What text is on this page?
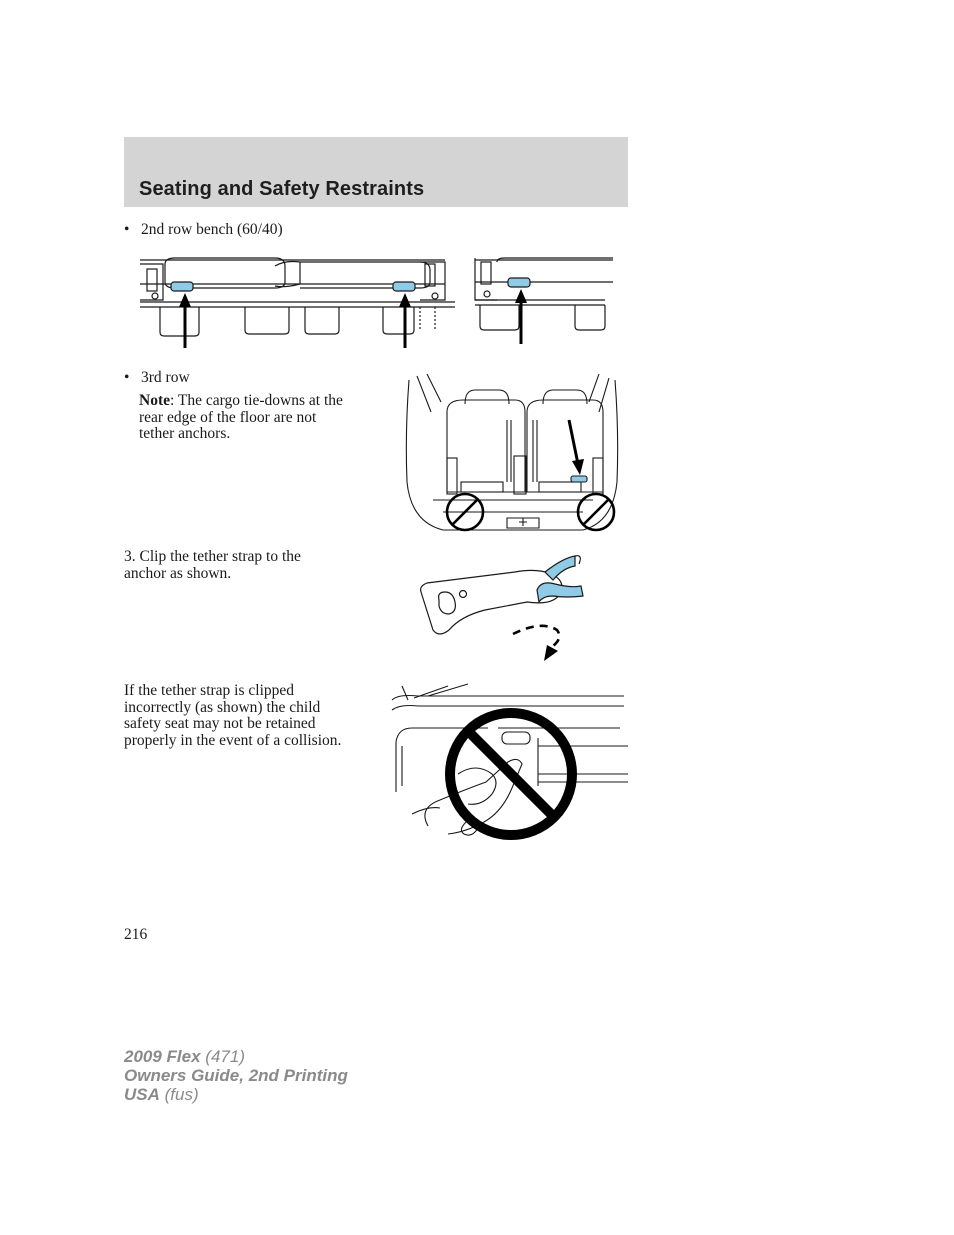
Seating and Safety Restraints
• 2nd row bench (60/40)
• 3rd row
Note: The cargo tie-downs at the
rear edge of the floor are not
tether anchors.
3. Clip the tether strap to the
anchor as shown.
If the tether strap is clipped
incorrectly (as shown) the child
safety seat may not be retained
properly in the event of a collision.
216
2009 Flex (471)
Owners Guide, 2nd Printing
USA (fus)
